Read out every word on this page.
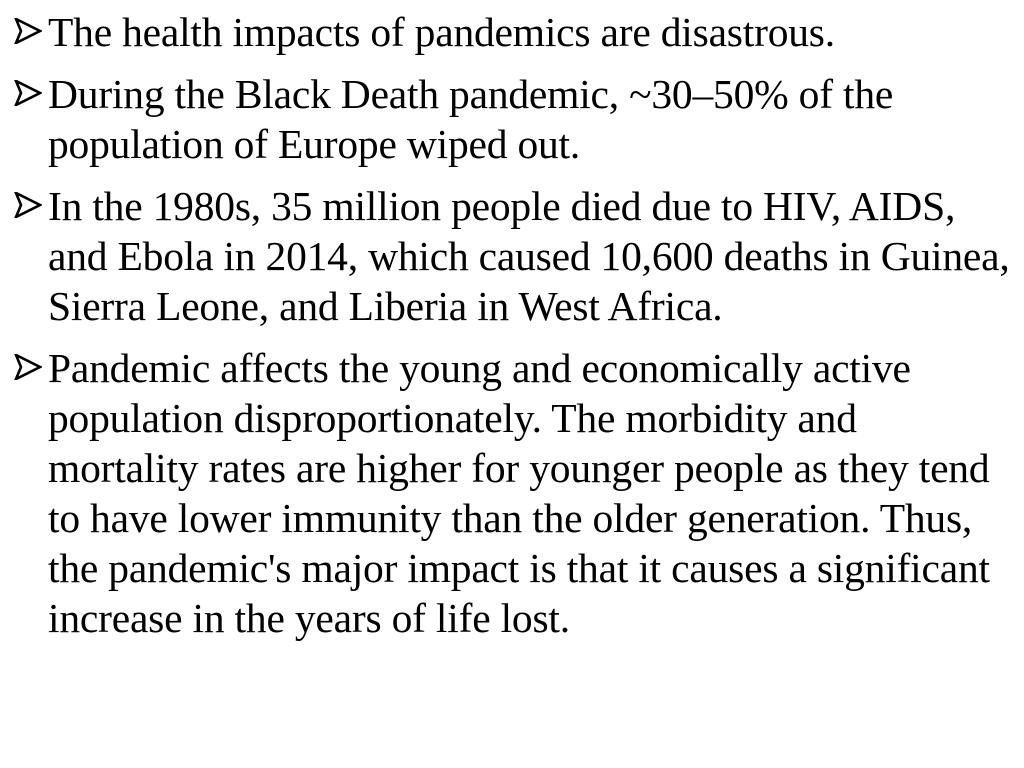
The health impacts of pandemics are disastrous.
During the Black Death pandemic, ~30–50% of the population of Europe wiped out.
In the 1980s, 35 million people died due to HIV, AIDS, and Ebola in 2014, which caused 10,600 deaths in Guinea, Sierra Leone, and Liberia in West Africa.
Pandemic affects the young and economically active population disproportionately. The morbidity and mortality rates are higher for younger people as they tend to have lower immunity than the older generation. Thus, the pandemic's major impact is that it causes a significant increase in the years of life lost.
